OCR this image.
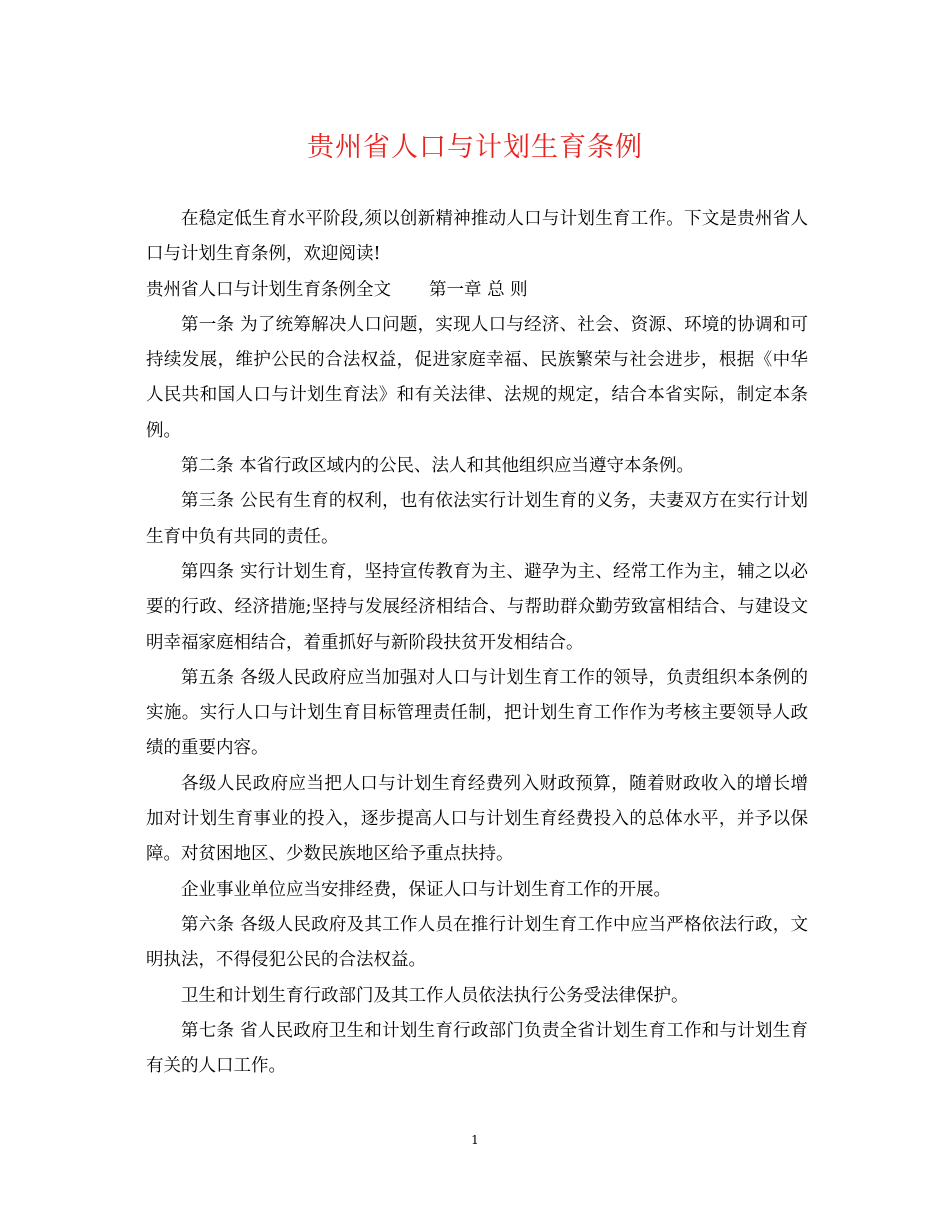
贵州省人口与计划生育条例

在稳定低生育水平阶段,须以创新精神推动人口与计划生育工作。下文是贵州省人口与计划生育条例，欢迎阅读!

贵州省人口与计划生育条例全文 第一章 总 则

第一条 为了统筹解决人口问题，实现人口与经济、社会、资源、环境的协调和可持续发展，维护公民的合法权益，促进家庭幸福、民族繁荣与社会进步，根据《中华人民共和国人口与计划生育法》和有关法律、法规的规定，结合本省实际，制定本条例。

第二条 本省行政区域内的公民、法人和其他组织应当遵守本条例。

第三条 公民有生育的权利，也有依法实行计划生育的义务，夫妻双方在实行计划生育中负有共同的责任。

第四条 实行计划生育，坚持宣传教育为主、避孕为主、经常工作为主，辅之以必要的行政、经济措施;坚持与发展经济相结合、与帮助群众勤劳致富相结合、与建设文明幸福家庭相结合，着重抓好与新阶段扶贫开发相结合。

第五条 各级人民政府应当加强对人口与计划生育工作的领导，负责组织本条例的实施。实行人口与计划生育目标管理责任制，把计划生育工作作为考核主要领导人政绩的重要内容。

各级人民政府应当把人口与计划生育经费列入财政预算，随着财政收入的增长增加对计划生育事业的投入，逐步提高人口与计划生育经费投入的总体水平，并予以保障。对贫困地区、少数民族地区给予重点扶持。

企业事业单位应当安排经费，保证人口与计划生育工作的开展。

第六条 各级人民政府及其工作人员在推行计划生育工作中应当严格依法行政，文明执法，不得侵犯公民的合法权益。

卫生和计划生育行政部门及其工作人员依法执行公务受法律保护。

第七条 省人民政府卫生和计划生育行政部门负责全省计划生育工作和与计划生育有关的人口工作。

1
